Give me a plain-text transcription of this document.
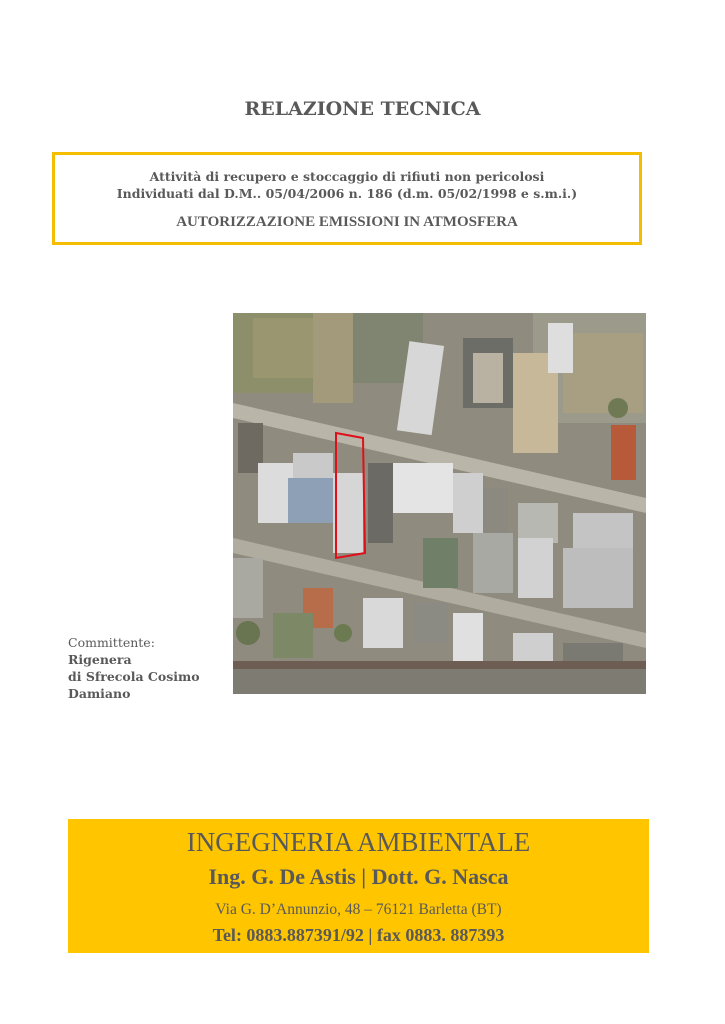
RELAZIONE TECNICA
Attività di recupero e stoccaggio di rifiuti non pericolosi
Individuati dal D.M.. 05/04/2006 n. 186 (d.m. 05/02/1998 e s.m.i.)
AUTORIZZAZIONE EMISSIONI IN ATMOSFERA
Committente:
Rigenera
di Sfrecola Cosimo
Damiano
INGEGNERIA AMBIENTALE
Ing. G. De Astis | Dott. G. Nasca
Via G. D’Annunzio, 48 – 76121 Barletta (BT)
Tel: 0883.887391/92 | fax 0883. 887393
